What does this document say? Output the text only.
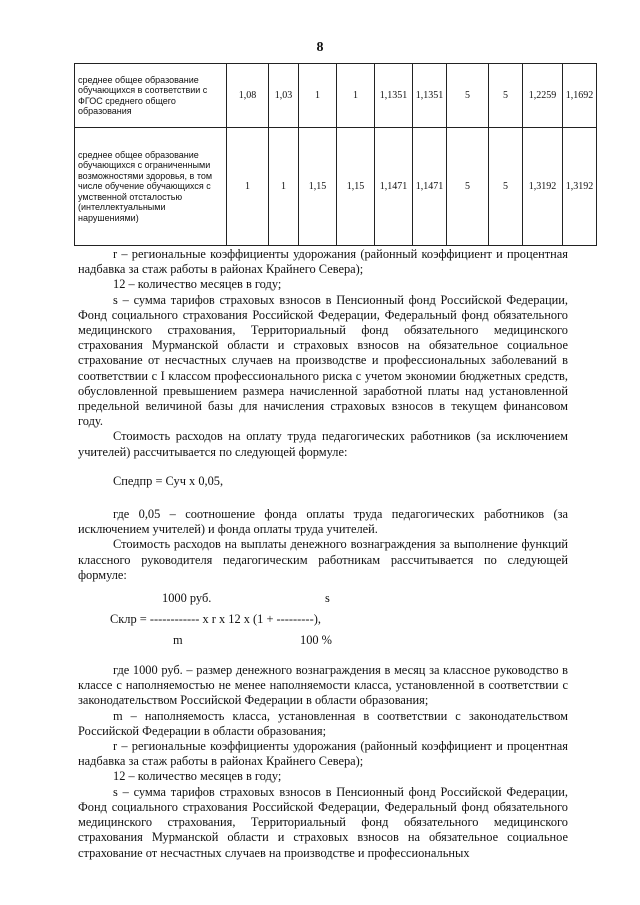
8
среднее общее образование обучающихся в соответствии с ФГОС среднего общего образования	1,08	1,03	1	1	1,1351	1,1351	5	5	1,2259	1,1692
среднее общее образование обучающихся с ограниченными возможностями здоровья, в том числе обучение обучающихся с умственной отсталостью (интеллектуальными нарушениями)	1	1	1,15	1,15	1,1471	1,1471	5	5	1,3192	1,3192

r – региональные коэффициенты удорожания (районный коэффициент и процентная надбавка за стаж работы в районах Крайнего Севера);

12 – количество месяцев в году;

s – сумма тарифов страховых взносов в Пенсионный фонд Российской Федерации, Фонд социального страхования Российской Федерации, Федеральный фонд обязательного медицинского страхования, Территориальный фонд обязательного медицинского страхования Мурманской области и страховых взносов на обязательное социальное страхование от несчастных случаев на производстве и профессиональных заболеваний в соответствии с I классом профессионального риска с учетом экономии бюджетных средств, обусловленной превышением размера начисленной заработной платы над установленной предельной величиной базы для начисления страховых взносов в текущем финансовом году.

Стоимость расходов на оплату труда педагогических работников (за исключением учителей) рассчитывается по следующей формуле:

Спедпр = Суч x 0,05,

где 0,05 – соотношение фонда оплаты труда педагогических работников (за исключением учителей) и фонда оплаты труда учителей.

Стоимость расходов на выплаты денежного вознаграждения за выполнение функций классного руководителя педагогическим работникам рассчитывается по следующей формуле:

1000 руб.	s
Склр = ------------ x r x 12 x (1 + ---------),
m	100 %

где 1000 руб. – размер денежного вознаграждения в месяц за классное руководство в классе с наполняемостью не менее наполняемости класса, установленной в соответствии с законодательством Российской Федерации в области образования;

m – наполняемость класса, установленная в соответствии с законодательством Российской Федерации в области образования;

r – региональные коэффициенты удорожания (районный коэффициент и процентная надбавка за стаж работы в районах Крайнего Севера);

12 – количество месяцев в году;

s – сумма тарифов страховых взносов в Пенсионный фонд Российской Федерации, Фонд социального страхования Российской Федерации, Федеральный фонд обязательного медицинского страхования, Территориальный фонд обязательного медицинского страхования Мурманской области и страховых взносов на обязательное социальное страхование от несчастных случаев на производстве и профессиональных
